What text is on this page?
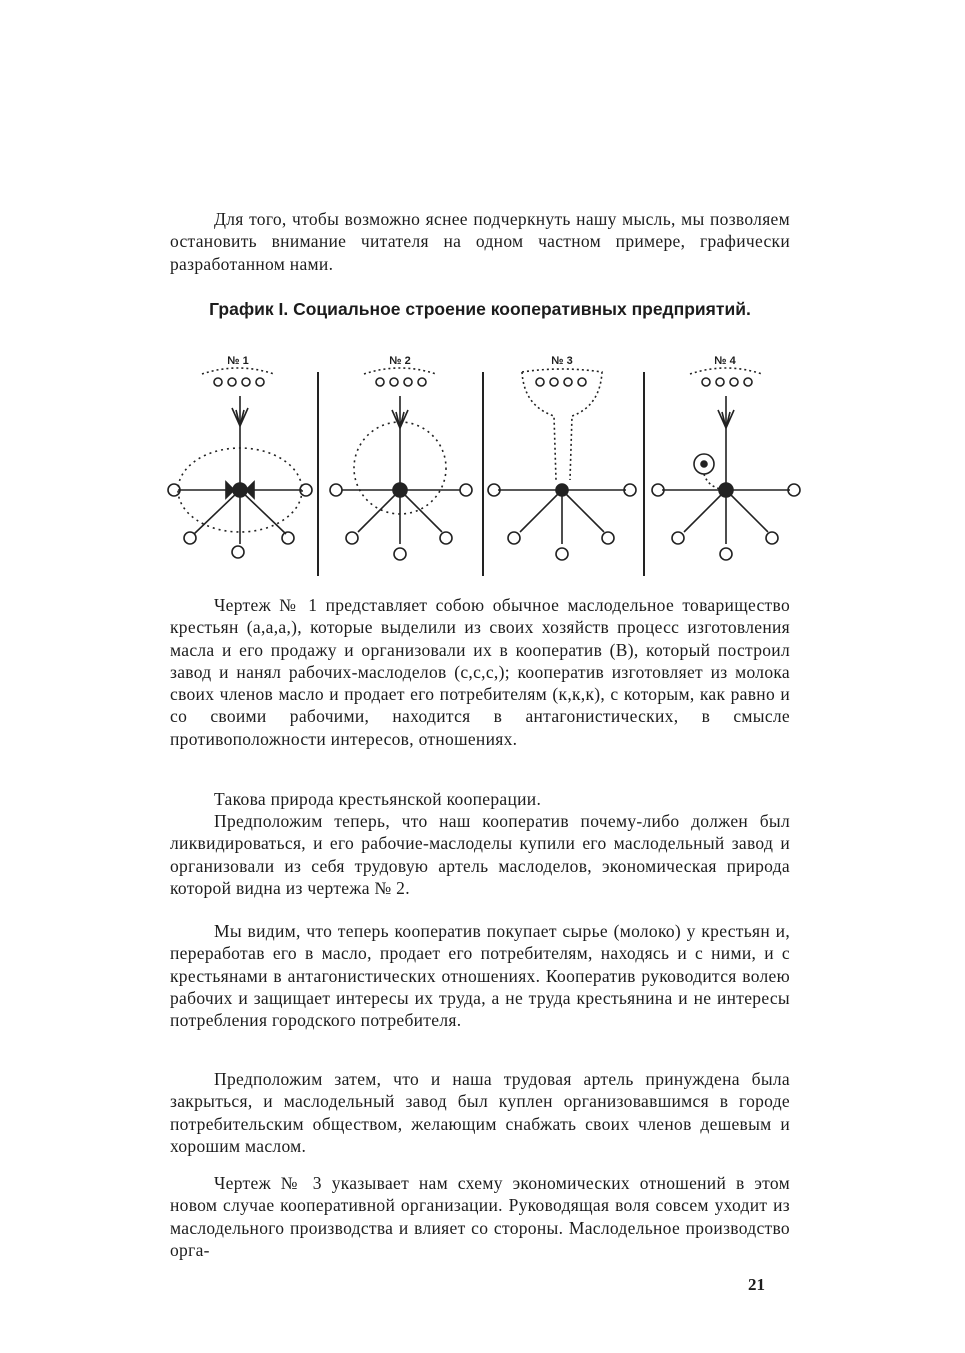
Для того, чтобы возможно яснее подчеркнуть нашу мысль, мы позволяем остановить внимание читателя на одном частном примере, графически разработанном нами.

График I. Социальное строение кооперативных предприятий.
№ 1	№ 2	№ 3	№ 4

Чертеж № 1 представляет собою обычное маслодельное товарищество крестьян (а,а,а,), которые выделили из своих хозяйств процесс изготовления масла и его продажу и организовали их в кооператив (В), который построил завод и нанял рабочих-маслоделов (с,с,с,); кооператив изготовляет из молока своих членов масло и продает его потребителям (к,к,к), с которым, как равно и со своими рабочими, находится в антагонистических, в смысле противоположности интересов, отношениях.

Такова природа крестьянской кооперации.

Предположим теперь, что наш кооператив почему-либо должен был ликвидироваться, и его рабочие-маслоделы купили его маслодельный завод и организовали из себя трудовую артель маслоделов, экономическая природа которой видна из чертежа № 2.

Мы видим, что теперь кооператив покупает сырье (молоко) у крестьян и, переработав его в масло, продает его потребителям, находясь и с ними, и с крестьянами в антагонистических отношениях. Кооператив руководится волею рабочих и защищает интересы их труда, а не труда крестьянина и не интересы потребления городского потребителя.

Предположим затем, что и наша трудовая артель принуждена была закрыться, и маслодельный завод был куплен организовавшимся в городе потребительским обществом, желающим снабжать своих членов дешевым и хорошим маслом.

Чертеж № 3 указывает нам схему экономических отношений в этом новом случае кооперативной организации. Руководящая воля совсем уходит из маслодельного производства и влияет со стороны. Маслодельное производство орга-

21
